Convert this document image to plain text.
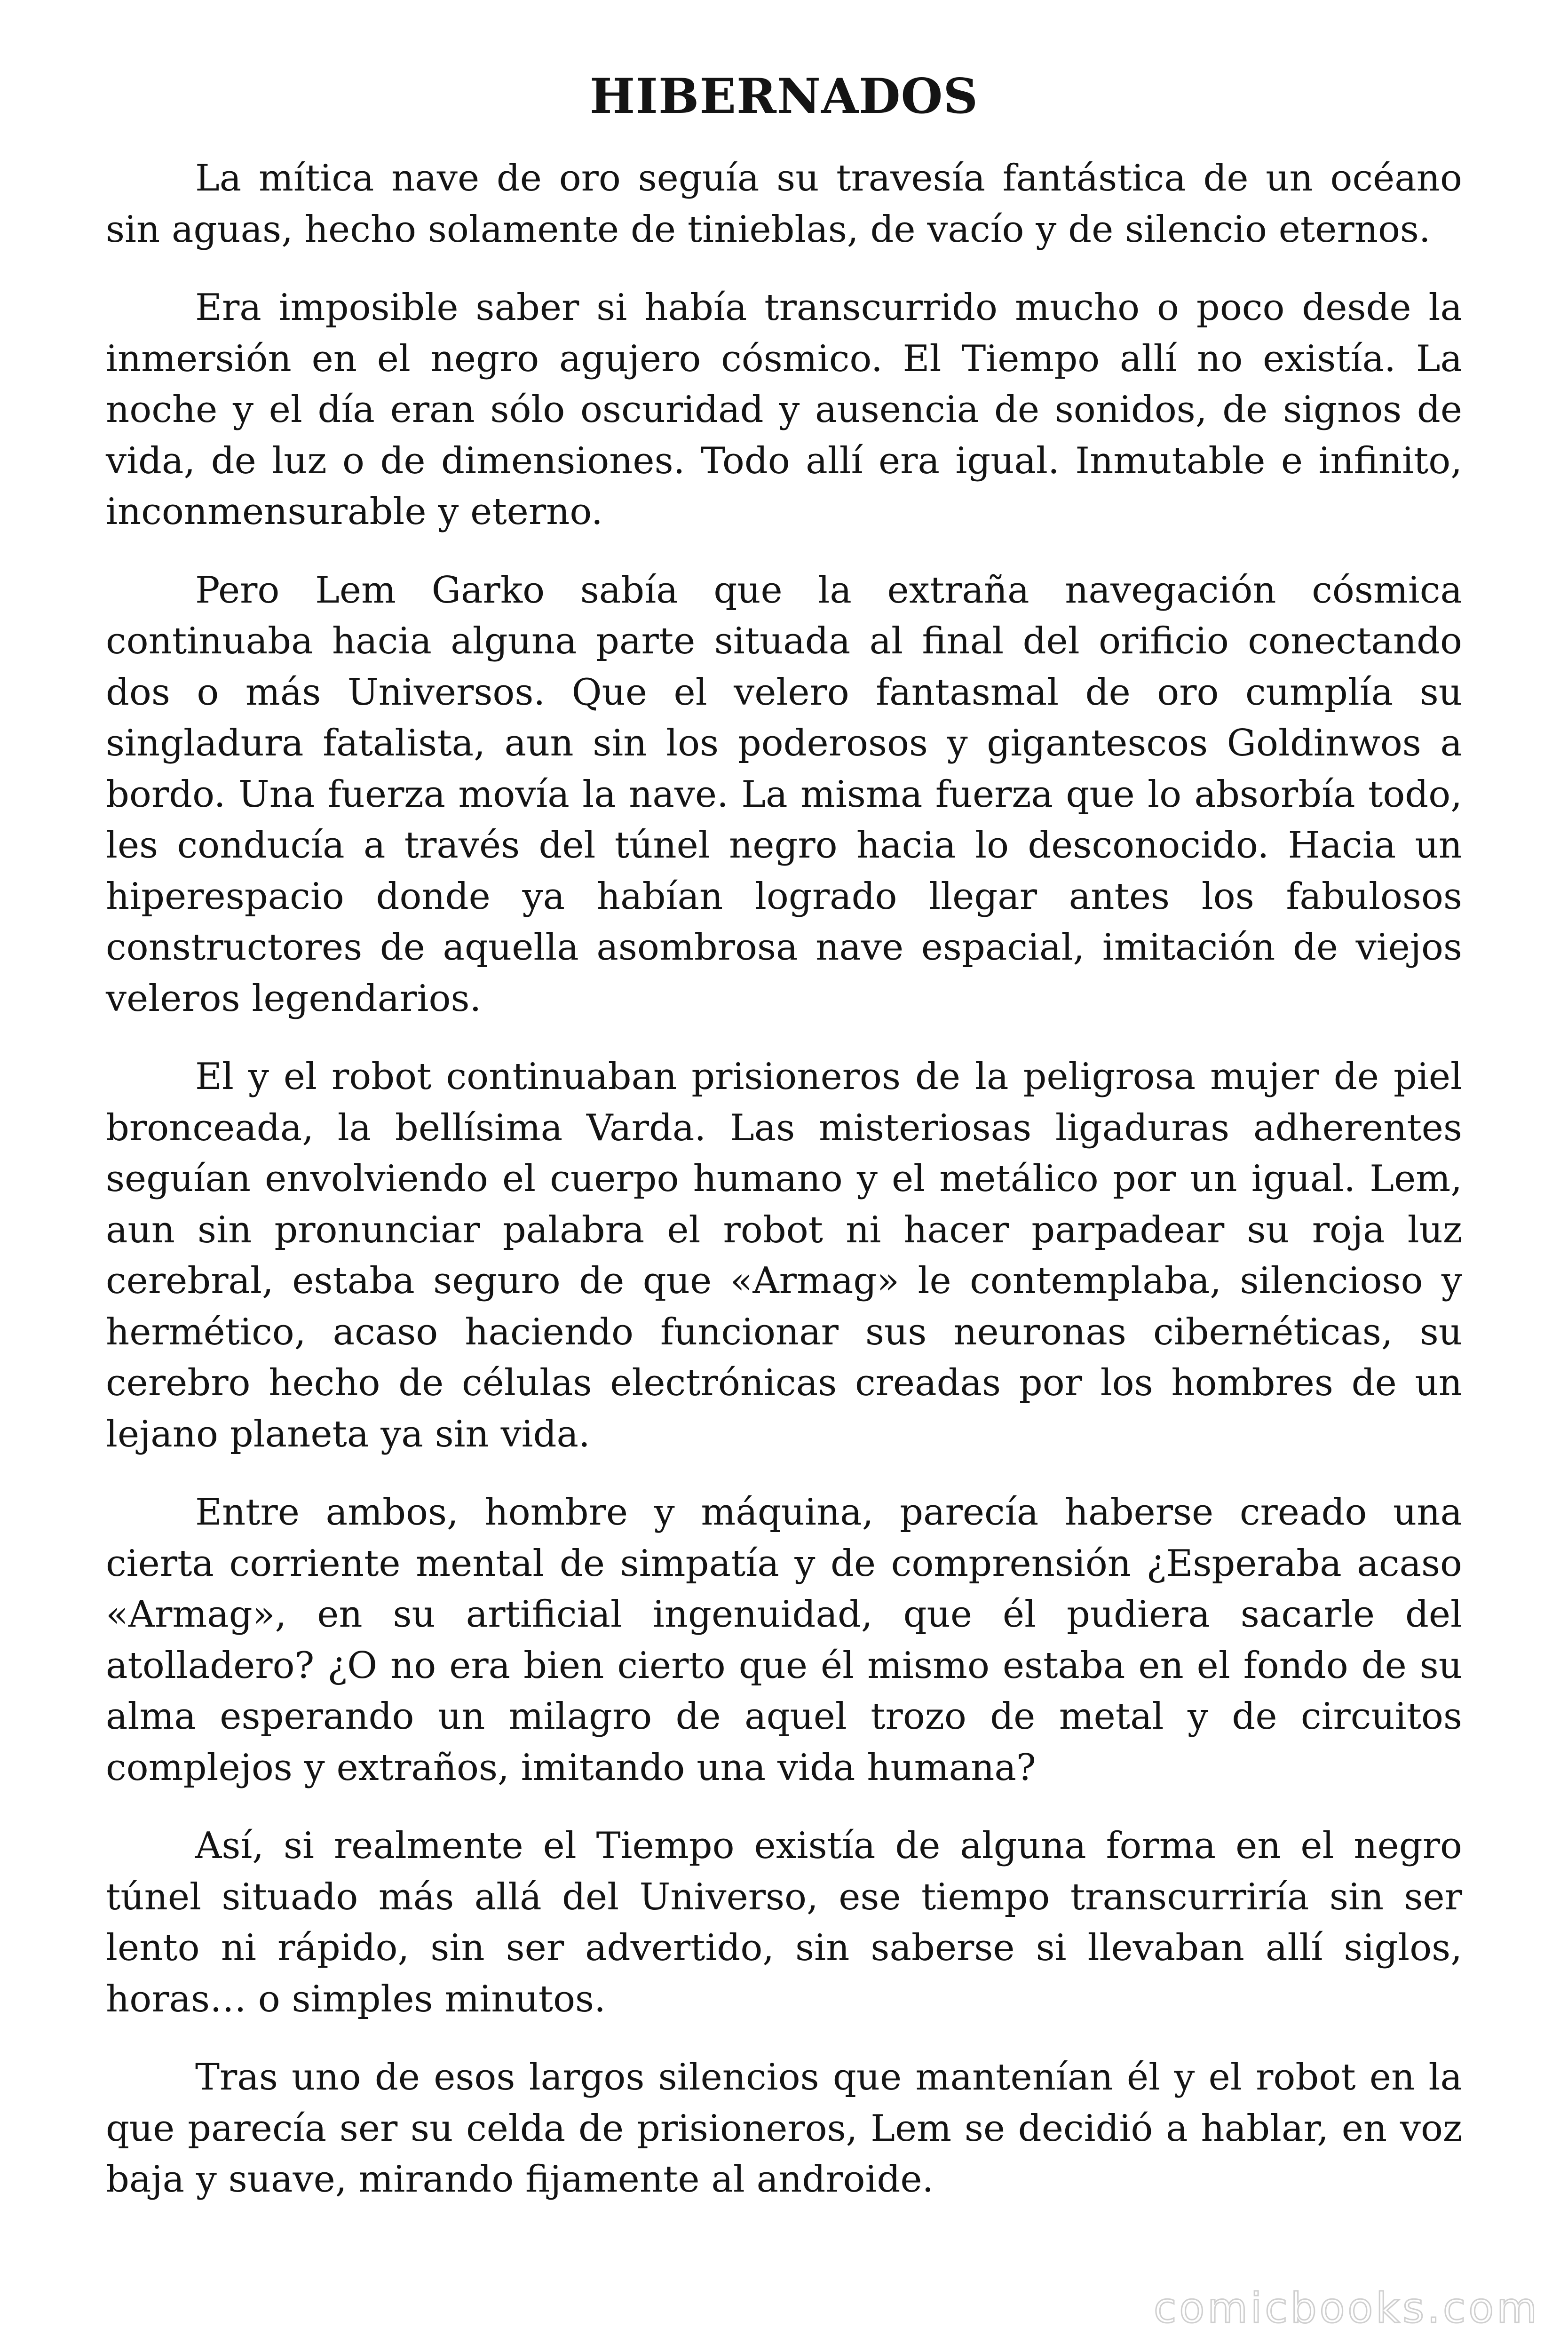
HIBERNADOS

La mítica nave de oro seguía su travesía fantástica de un océano sin aguas, hecho solamente de tinieblas, de vacío y de silencio eternos.

Era imposible saber si había transcurrido mucho o poco desde la inmersión en el negro agujero cósmico. El Tiempo allí no existía. La noche y el día eran sólo oscuridad y ausencia de sonidos, de signos de vida, de luz o de dimensiones. Todo allí era igual. Inmutable e infinito, inconmensurable y eterno.

Pero Lem Garko sabía que la extraña navegación cósmica continuaba hacia alguna parte situada al final del orificio conectando dos o más Universos. Que el velero fantasmal de oro cumplía su singladura fatalista, aun sin los poderosos y gigantescos Goldinwos a bordo. Una fuerza movía la nave. La misma fuerza que lo absorbía todo, les conducía a través del túnel negro hacia lo desconocido. Hacia un hiperespacio donde ya habían logrado llegar antes los fabulosos constructores de aquella asombrosa nave espacial, imitación de viejos veleros legendarios.

El y el robot continuaban prisioneros de la peligrosa mujer de piel bronceada, la bellísima Varda. Las misteriosas ligaduras adherentes seguían envolviendo el cuerpo humano y el metálico por un igual. Lem, aun sin pronunciar palabra el robot ni hacer parpadear su roja luz cerebral, estaba seguro de que «Armag» le contemplaba, silencioso y hermético, acaso haciendo funcionar sus neuronas cibernéticas, su cerebro hecho de células electrónicas creadas por los hombres de un lejano planeta ya sin vida.

Entre ambos, hombre y máquina, parecía haberse creado una cierta corriente mental de simpatía y de comprensión ¿Esperaba acaso «Armag», en su artificial ingenuidad, que él pudiera sacarle del atolladero? ¿O no era bien cierto que él mismo estaba en el fondo de su alma esperando un milagro de aquel trozo de metal y de circuitos complejos y extraños, imitando una vida humana?

Así, si realmente el Tiempo existía de alguna forma en el negro túnel situado más allá del Universo, ese tiempo transcurriría sin ser lento ni rápido, sin ser advertido, sin saberse si llevaban allí siglos, horas… o simples minutos.

Tras uno de esos largos silencios que mantenían él y el robot en la que parecía ser su celda de prisioneros, Lem se decidió a hablar, en voz baja y suave, mirando fijamente al androide.

comicbooks.com
